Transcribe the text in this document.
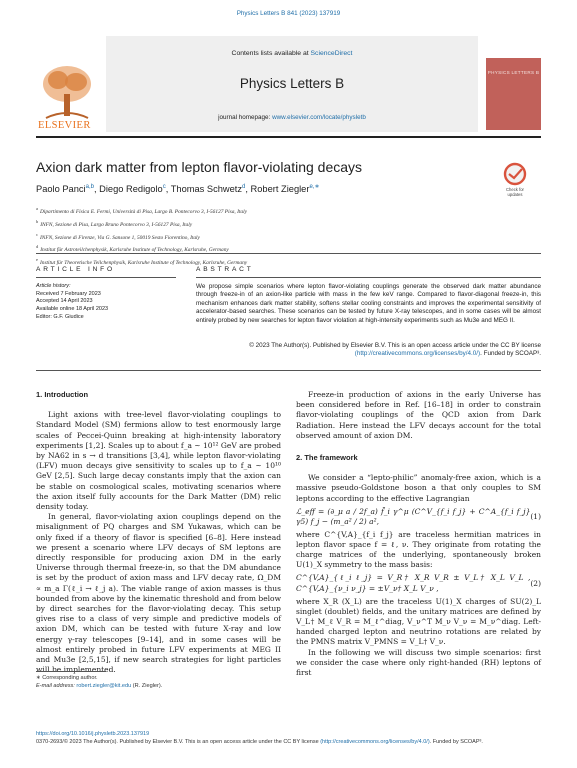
Physics Letters B 841 (2023) 137919
ELSEVIER
Contents lists available at ScienceDirect
Physics Letters B
journal homepage: www.elsevier.com/locate/physletb
PHYSICS LETTERS B
Axion dark matter from lepton flavor-violating decays
Check for
updates
Paolo Panci$^{a,b}$, Diego Redigolo$^c$, Thomas Schwetz$^d$, Robert Ziegler$^{e,∗}$
$^a$Dipartimento di Fisica E. Fermi, Università di Pisa, Largo B. Pontecorvo 3, I-56127 Pisa, Italy
$^b$INFN, Sezione di Pisa, Largo Bruno Pontecorvo 3, I-56127 Pisa, Italy
$^c$INFN, Sezione di Firenze, Via G. Sansone 1, 50019 Sesto Fiorentino, Italy
$^d$Institut für Astroteilchenphysik, Karlsruhe Institute of Technology, Karlsruhe, Germany
$^e$Institut für Theoretische Teilchenphysik, Karlsruhe Institute of Technology, Karlsruhe, Germany
ARTICLE INFO	ABSTRACT
Article history:
Received 7 February 2023
Accepted 14 April 2023
Available online 18 April 2023
Editor: G.F. Giudice
We propose simple scenarios where lepton flavor-violating couplings generate the observed dark matter abundance through freeze-in of an axion-like particle with mass in the few keV range. Compared to flavor-diagonal freeze-in, this mechanism enhances dark matter stability, softens stellar cooling constraints and improves the experimental sensitivity of accelerator-based searches. These scenarios can be tested by future X-ray telescopes, and in some cases will be almost entirely probed by new searches for lepton flavor violation at high-intensity experiments such as Mu3e and MEG II.
© 2023 The Author(s). Published by Elsevier B.V. This is an open access article under the CC BY license (http://creativecommons.org/licenses/by/4.0/). Funded by SCOAP³.
1. Introduction

Light axions with tree-level flavor-violating couplings to Standard Model (SM) fermions allow to test enormously large scales of Peccei-Quinn breaking at high-intensity laboratory experiments [1,2]. Scales up to about f_a ~ 10¹² GeV are probed by NA62 in s → d transitions [3,4], while lepton flavor-violating (LFV) muon decays give sensitivity to scales up to f_a ~ 10¹⁰ GeV [2,5]. Such large decay constants imply that the axion can be stable on cosmological scales, motivating scenarios where the axion itself fully accounts for the Dark Matter (DM) relic density today.

In general, flavor-violating axion couplings depend on the misalignment of PQ charges and SM Yukawas, which can be only fixed if a theory of flavor is specified [6–8]. Here instead we present a scenario where LFV decays of SM leptons are directly responsible for producing axion DM in the early Universe through thermal freeze-in, so that the DM abundance is set by the product of axion mass and LFV decay rate, Ω_DM ∝ m_a Γ(ℓ_i → ℓ_j a). The viable range of axion masses is thus bounded from above by the kinematic threshold and from below by direct searches for the flavor-violating decay. This setup gives rise to a class of very simple and predictive models of axion DM, which can be tested with future X-ray and low energy γ-ray telescopes [9–14], and in some cases will be almost entirely probed in future LFV experiments at MEG II and Mu3e [2,5,15], if new search strategies for light particles will be implemented.

Freeze-in production of axions in the early Universe has been considered before in Ref. [16–18] in order to constrain flavor-violating couplings of the QCD axion from Dark Radiation. Here instead the LFV decays account for the total observed amount of axion DM.

2. The framework

We consider a “lepto-philic” anomaly-free axion, which is a massive pseudo-Goldstone boson a that only couples to SM leptons according to the effective Lagrangian

ℒ_eff = (∂_μ a / 2f_a) f̄_i γ^μ (C^V_{f_i f_j} + C^A_{f_i f_j} γ5) f_j − (m_a² / 2) a²,
(1)

where C^{V,A}_{f_i f_j} are traceless hermitian matrices in lepton flavor space f = ℓ, ν. They originate from rotating the charge matrices of the underlying, spontaneously broken U(1)_X symmetry to the mass basis:

C^{V,A}_{ℓ_i ℓ_j} = V_R† X_R V_R ± V_L† X_L V_L , C^{V,A}_{ν_i ν_j} = ±V_ν† X_L V_ν ,
(2)

where X_R (X_L) are the traceless U(1)_X charges of SU(2)_L singlet (doublet) fields, and the unitary matrices are defined by V_L† M_ℓ V_R = M_ℓ^diag, V_ν^T M_ν V_ν = M_ν^diag. Left-handed charged lepton and neutrino rotations are related by the PMNS matrix V_PMNS = V_L† V_ν.

In the following we will discuss two simple scenarios: first we consider the case where only right-handed (RH) leptons of first

∗ Corresponding author.
E-mail address: robert.ziegler@kit.edu (R. Ziegler).
https://doi.org/10.1016/j.physletb.2023.137919
0370-2693/© 2023 The Author(s). Published by Elsevier B.V. This is an open access article under the CC BY license (http://creativecommons.org/licenses/by/4.0/). Funded by SCOAP³.
